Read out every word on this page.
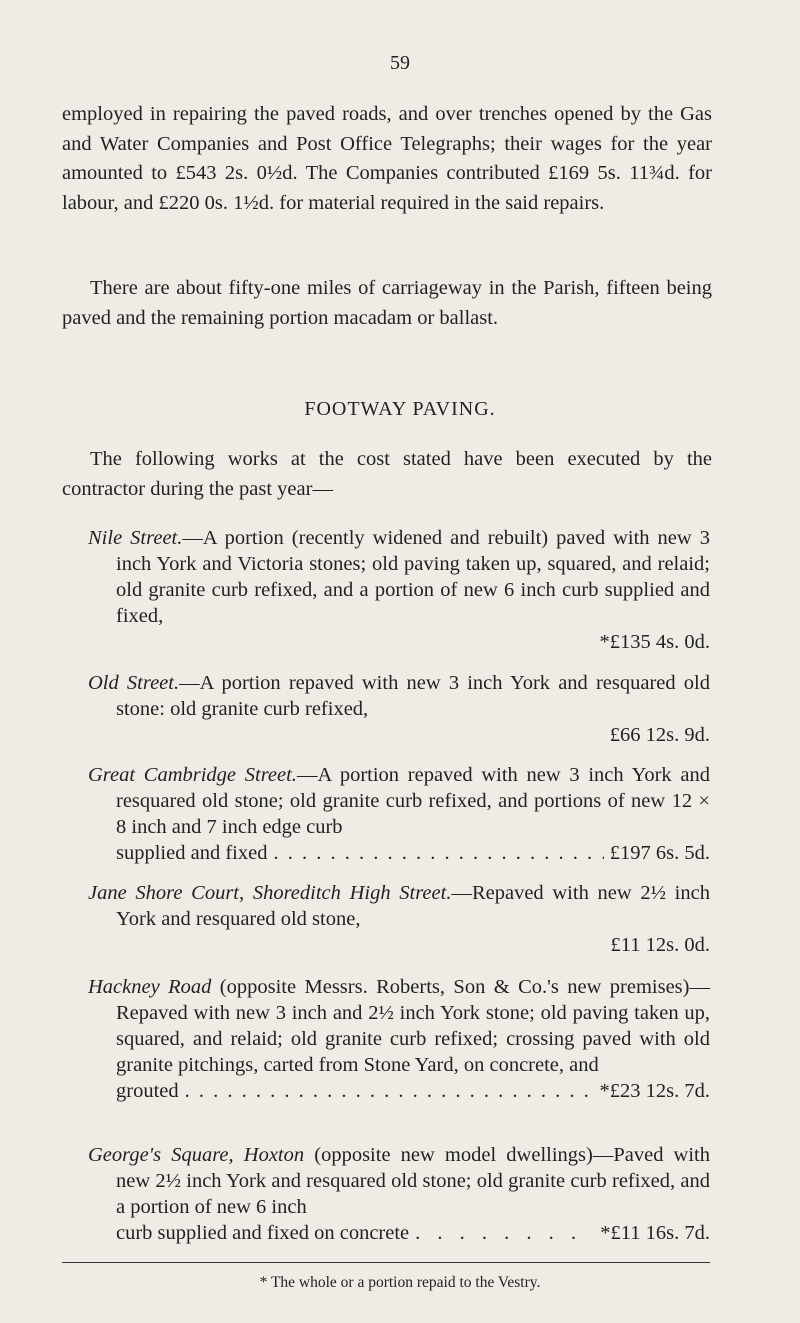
59

employed in repairing the paved roads, and over trenches opened by the Gas and Water Companies and Post Office Telegraphs; their wages for the year amounted to £543 2s. 0½d. The Companies contributed £169 5s. 11¾d. for labour, and £220 0s. 1½d. for material required in the said repairs.

There are about fifty-one miles of carriageway in the Parish, fifteen being paved and the remaining portion macadam or ballast.

FOOTWAY PAVING.

The following works at the cost stated have been executed by the contractor during the past year—

Nile Street.—A portion (recently widened and rebuilt) paved with new 3 inch York and Victoria stones; old paving taken up, squared, and relaid; old granite curb refixed, and a portion of new 6 inch curb supplied and fixed,
*£135 4s. 0d.
Old Street.—A portion repaved with new 3 inch York and resquared old stone: old granite curb refixed,
£66 12s. 9d.
Great Cambridge Street.—A portion repaved with new 3 inch York and resquared old stone; old granite curb refixed, and portions of new 12 × 8 inch and 7 inch edge curb
supplied and fixed . . .	£197 6s. 5d.
Jane Shore Court, Shoreditch High Street.—Repaved with new 2½ inch York and resquared old stone,
£11 12s. 0d.
Hackney Road (opposite Messrs. Roberts, Son & Co.'s new premises)—Repaved with new 3 inch and 2½ inch York stone; old paving taken up, squared, and relaid; old granite curb refixed; crossing paved with old granite pitchings, carted from Stone Yard, on concrete, and
grouted . . .	*£23 12s. 7d.
George's Square, Hoxton (opposite new model dwellings)—Paved with new 2½ inch York and resquared old stone; old granite curb refixed, and a portion of new 6 inch
curb supplied and fixed on concrete . . .	*£11 16s. 7d.
* The whole or a portion repaid to the Vestry.
